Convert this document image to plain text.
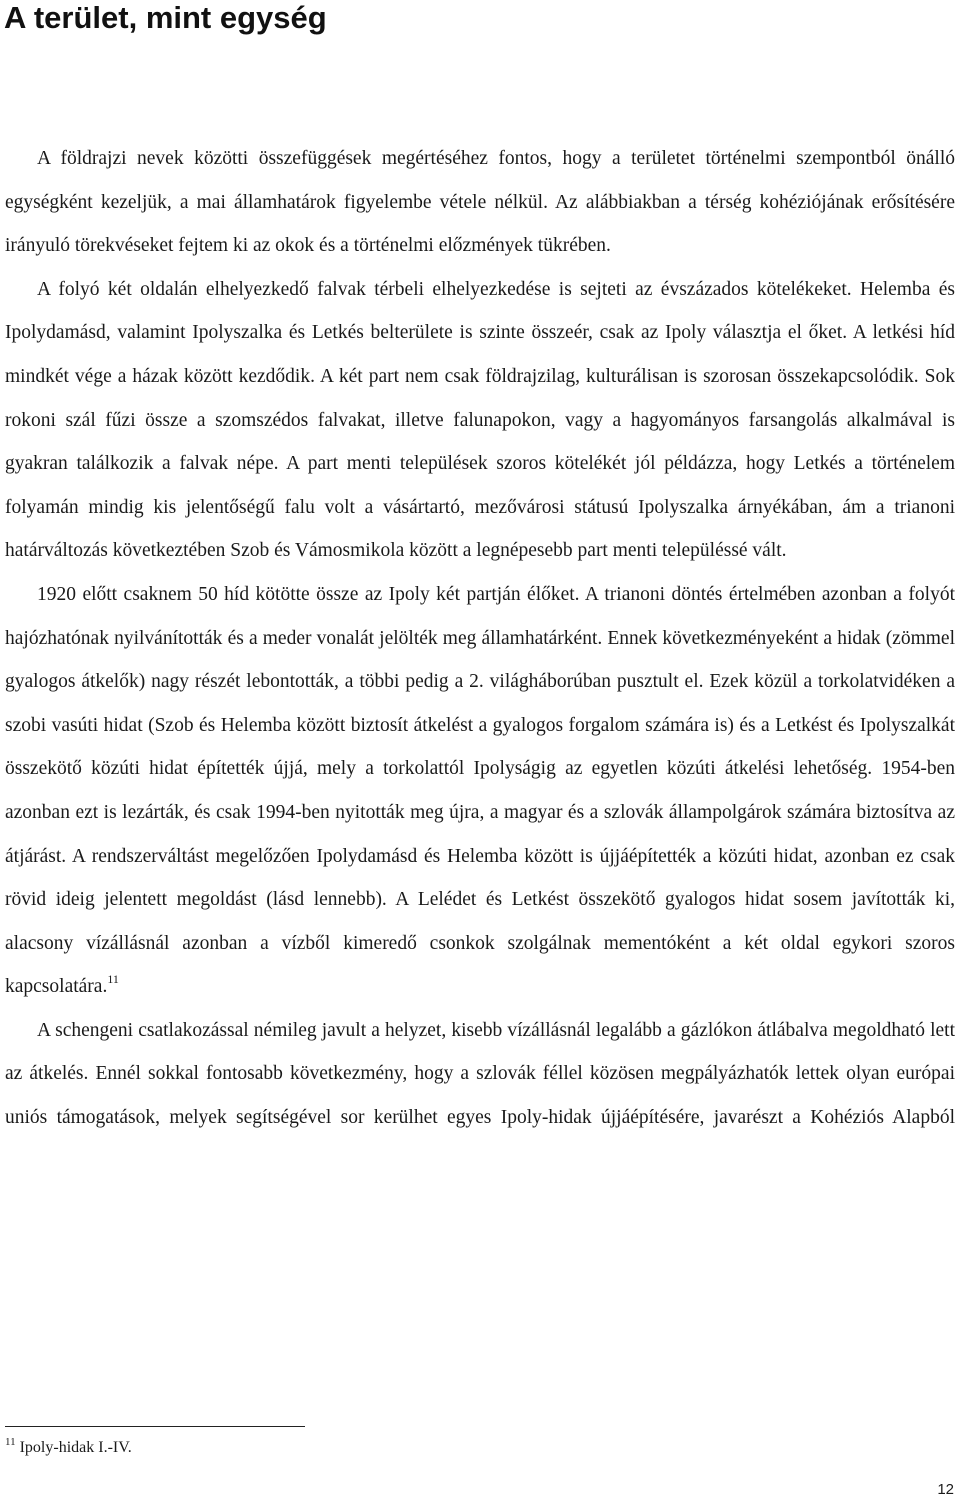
A terület, mint egység

A földrajzi nevek közötti összefüggések megértéséhez fontos, hogy a területet történelmi szempontból önálló egységként kezeljük, a mai államhatárok figyelembe vétele nélkül. Az alábbiakban a térség kohéziójának erősítésére irányuló törekvéseket fejtem ki az okok és a történelmi előzmények tükrében.

A folyó két oldalán elhelyezkedő falvak térbeli elhelyezkedése is sejteti az évszázados kötelékeket. Helemba és Ipolydamásd, valamint Ipolyszalka és Letkés belterülete is szinte összeér, csak az Ipoly választja el őket. A letkési híd mindkét vége a házak között kezdődik. A két part nem csak földrajzilag, kulturálisan is szorosan összekapcsolódik. Sok rokoni szál fűzi össze a szomszédos falvakat, illetve falunapokon, vagy a hagyományos farsangolás alkalmával is gyakran találkozik a falvak népe. A part menti települések szoros kötelékét jól példázza, hogy Letkés a történelem folyamán mindig kis jelentőségű falu volt a vásártartó, mezővárosi státusú Ipolyszalka árnyékában, ám a trianoni határváltozás következtében Szob és Vámosmikola között a legnépesebb part menti településsé vált.

1920 előtt csaknem 50 híd kötötte össze az Ipoly két partján élőket. A trianoni döntés értelmében azonban a folyót hajózhatónak nyilvánították és a meder vonalát jelölték meg államhatárként. Ennek következményeként a hidak (zömmel gyalogos átkelők) nagy részét lebontották, a többi pedig a 2. világháborúban pusztult el. Ezek közül a torkolatvidéken a szobi vasúti hidat (Szob és Helemba között biztosít átkelést a gyalogos forgalom számára is) és a Letkést és Ipolyszalkát összekötő közúti hidat építették újjá, mely a torkolattól Ipolyságig az egyetlen közúti átkelési lehetőség. 1954-ben azonban ezt is lezárták, és csak 1994-ben nyitották meg újra, a magyar és a szlovák állampolgárok számára biztosítva az átjárást. A rendszerváltást megelőzően Ipolydamásd és Helemba között is újjáépítették a közúti hidat, azonban ez csak rövid ideig jelentett megoldást (lásd lennebb). A Lelédet és Letkést összekötő gyalogos hidat sosem javították ki, alacsony vízállásnál azonban a vízből kimeredő csonkok szolgálnak mementóként a két oldal egykori szoros kapcsolatára.$^{11}$

A schengeni csatlakozással némileg javult a helyzet, kisebb vízállásnál legalább a gázlókon átlábalva megoldható lett az átkelés. Ennél sokkal fontosabb következmény, hogy a szlovák féllel közösen megpályázhatók lettek olyan európai uniós támogatások, melyek segítségével sor kerülhet egyes Ipoly-hidak újjáépítésére, javarészt a Kohéziós Alapból

$^{11}$ Ipoly-hidak I.-IV.
12
